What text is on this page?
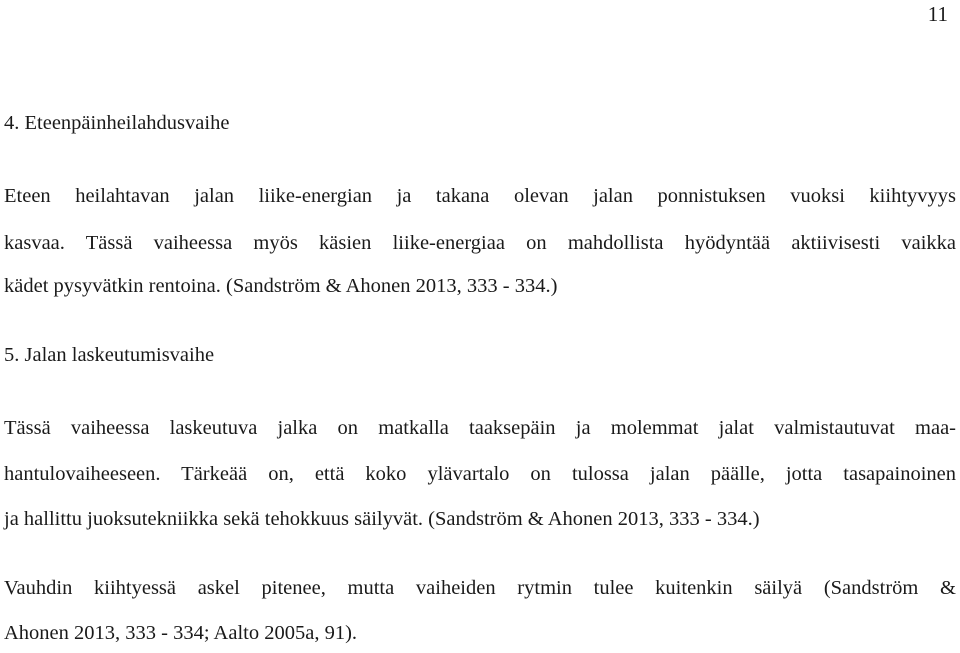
11
4. Eteenpäinheilahdusvaihe
Eteen heilahtavan jalan liike-energian ja takana olevan jalan ponnistuksen vuoksi kiihtyvyys
kasvaa. Tässä vaiheessa myös käsien liike-energiaa on mahdollista hyödyntää aktiivisesti vaikka
kädet pysyvätkin rentoina. (Sandström & Ahonen 2013, 333 - 334.)
5. Jalan laskeutumisvaihe
Tässä vaiheessa laskeutuva jalka on matkalla taaksepäin ja molemmat jalat valmistautuvat maa-
hantulovaiheeseen. Tärkeää on, että koko ylävartalo on tulossa jalan päälle, jotta tasapainoinen
ja hallittu juoksutekniikka sekä tehokkuus säilyvät. (Sandström & Ahonen 2013, 333 - 334.)
Vauhdin kiihtyessä askel pitenee, mutta vaiheiden rytmin tulee kuitenkin säilyä (Sandström &
Ahonen 2013, 333 - 334; Aalto 2005a, 91).
